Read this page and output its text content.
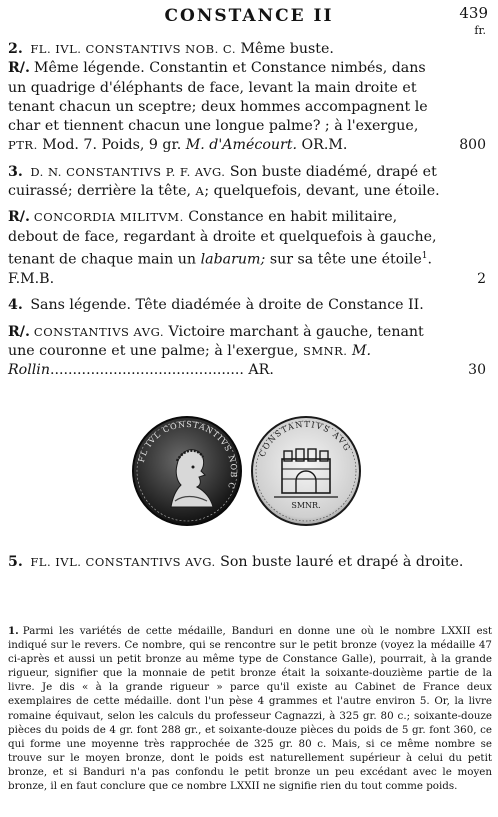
CONSTANCE II	439
fr.

2. FL. IVL. CONSTANTIVS NOB. C. Même buste.

R/. Même légende. Constantin et Constance nimbés, dans un quadrige d'éléphants de face, levant la main droite et tenant chacun un sceptre; deux hommes accompagnent le char et tiennent chacun une longue palme? ; à l'exergue, PTR. Mod. 7. Poids, 9 gr. M. d'Amécourt. OR.M.	800

3. D. N. CONSTANTIVS P. F. AVG. Son buste diadémé, drapé et cuirassé; derrière la tête, A; quelquefois, devant, une étoile.

R/. CONCORDIA MILITVM. Constance en habit militaire, debout de face, regardant à droite et quelquefois à gauche, tenant de chaque main un labarum; sur sa tête une étoile$^1$. F.M.B.	2

4. Sans légende. Tête diadémée à droite de Constance II.

R/. CONSTANTIVS AVG. Victoire marchant à gauche, tenant une couronne et une palme; à l'exergue, SMNR. M. Rollin........................................... AR.	30

FL IVL CONSTANTIVS NOB C
CONSTANTIVS AVG
SMNR.

5. FL. IVL. CONSTANTIVS AVG. Son buste lauré et drapé à droite.

1. Parmi les variétés de cette médaille, Banduri en donne une où le nombre LXXII est indiqué sur le revers. Ce nombre, qui se rencontre sur le petit bronze (voyez la médaille 47 ci-après et aussi un petit bronze au même type de Constance Galle), pourrait, à la grande rigueur, signifier que la monnaie de petit bronze était la soixante-douzième partie de la livre. Je dis « à la grande rigueur » parce qu'il existe au Cabinet de France deux exemplaires de cette médaille. dont l'un pèse 4 grammes et l'autre environ 5. Or, la livre romaine équivaut, selon les calculs du professeur Cagnazzi, à 325 gr. 80 c.; soixante-douze pièces du poids de 4 gr. font 288 gr., et soixante-douze pièces du poids de 5 gr. font 360, ce qui forme une moyenne très rapprochée de 325 gr. 80 c. Mais, si ce même nombre se trouve sur le moyen bronze, dont le poids est naturellement supérieur à celui du petit bronze, et si Banduri n'a pas confondu le petit bronze un peu excédant avec le moyen bronze, il en faut conclure que ce nombre LXXII ne signifie rien du tout comme poids.
